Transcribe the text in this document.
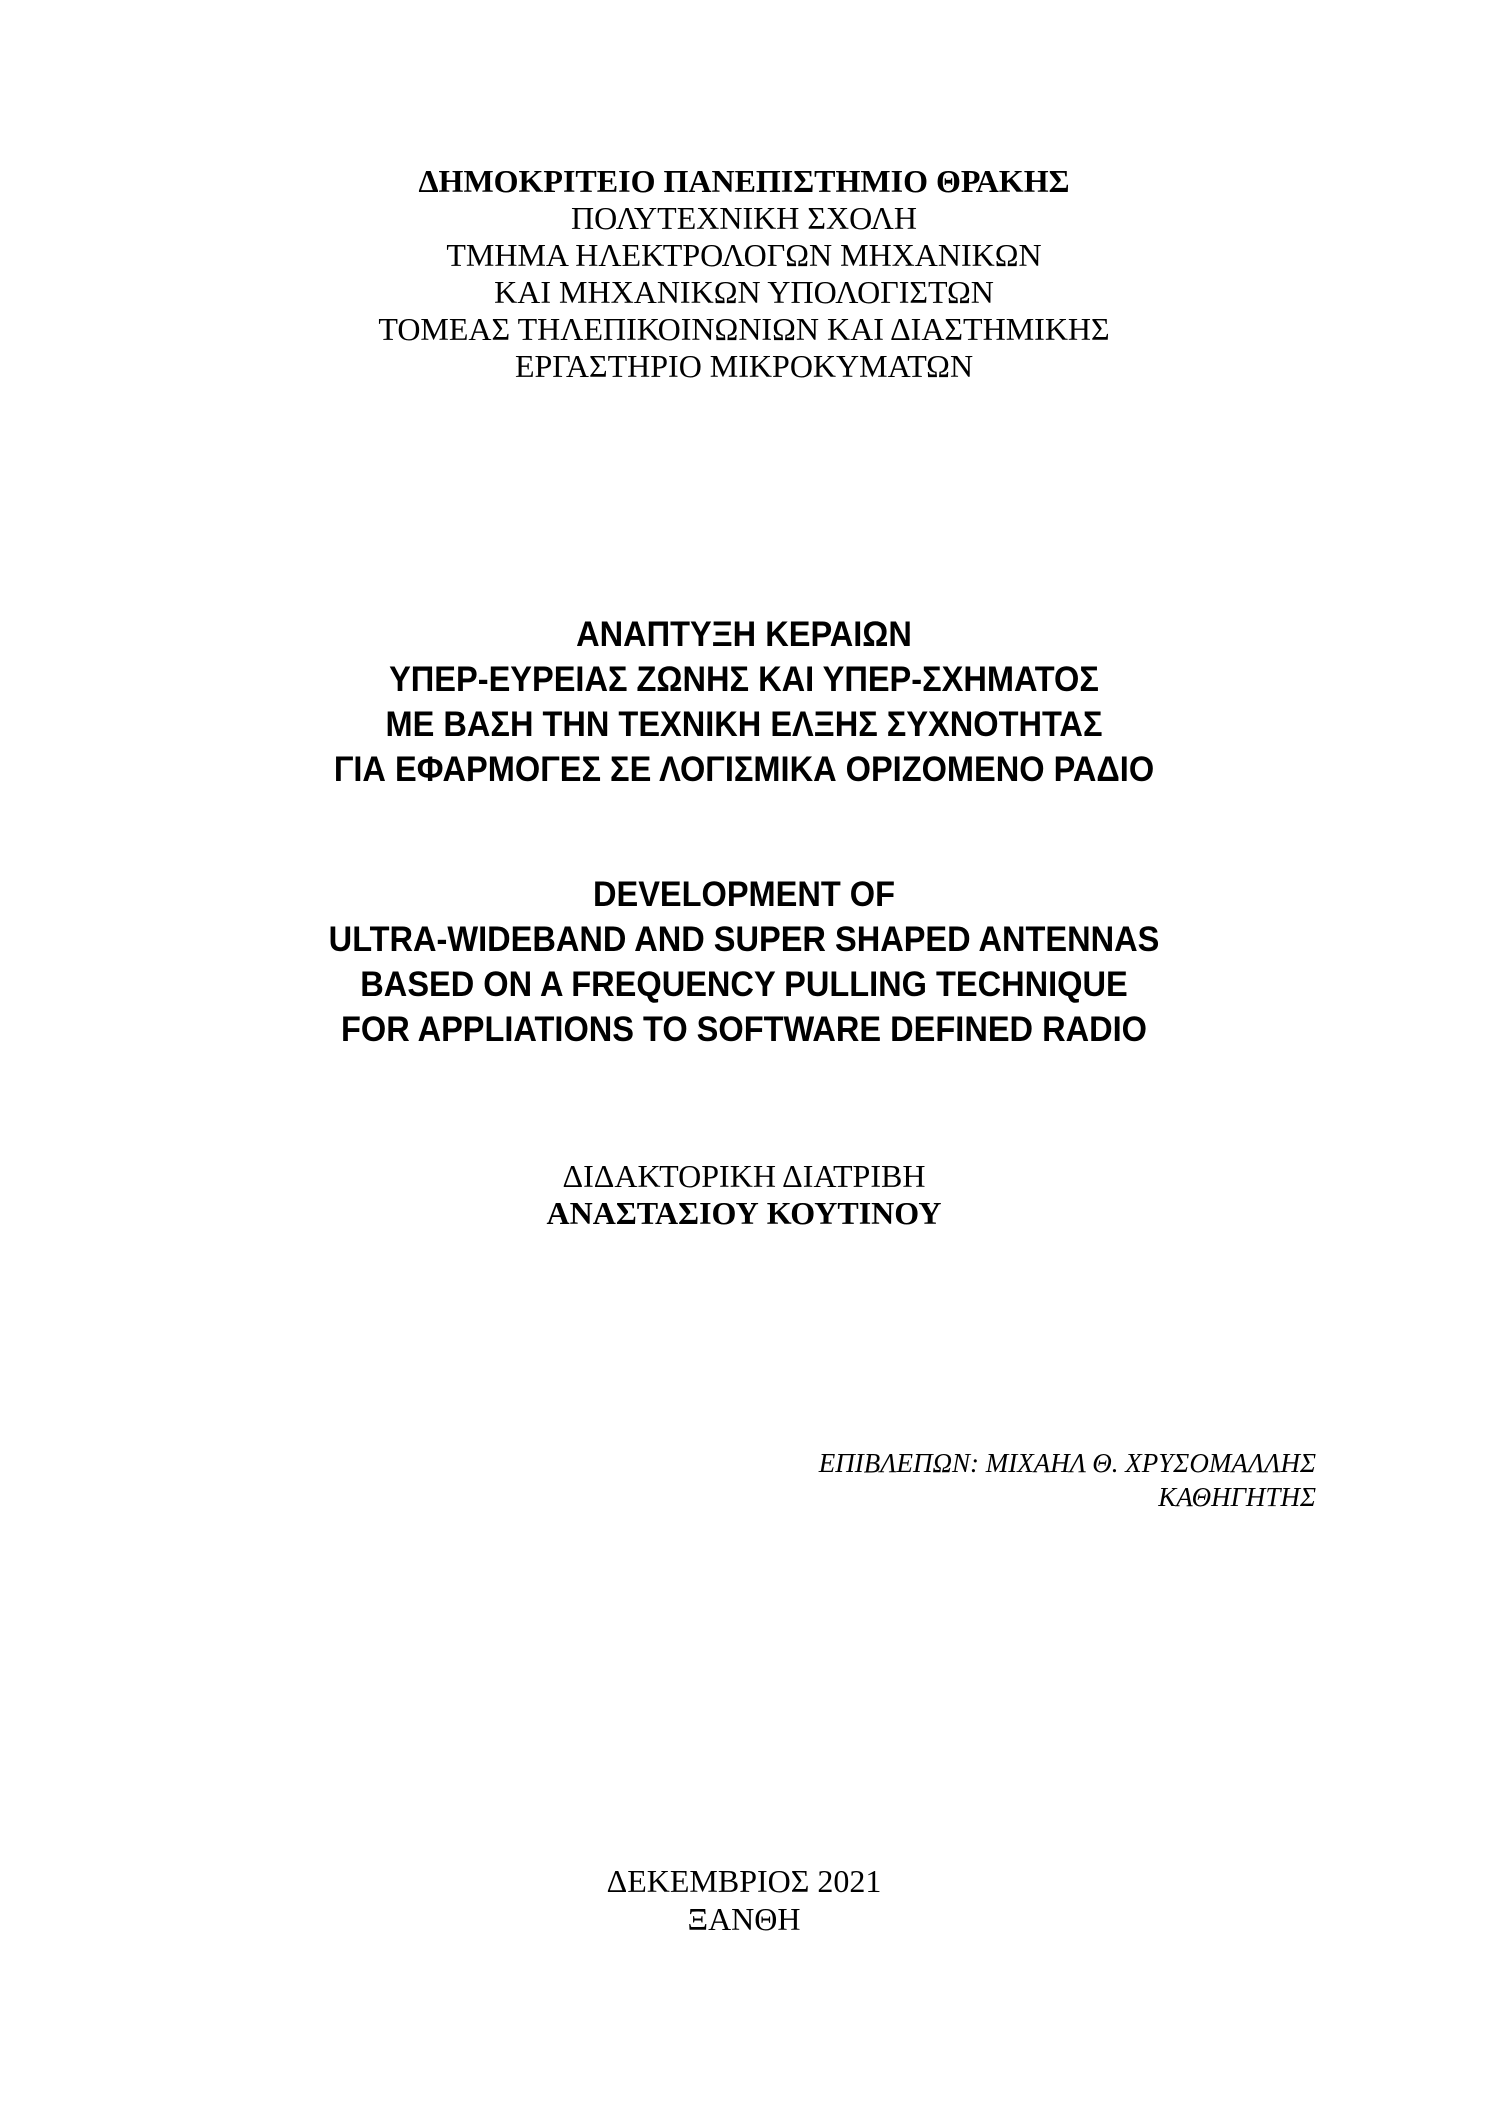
ΔΗΜΟΚΡΙΤΕΙΟ ΠΑΝΕΠΙΣΤΗΜΙΟ ΘΡΑΚΗΣ
ΠΟΛΥΤΕΧΝΙΚΗ ΣΧΟΛΗ
ΤΜΗΜΑ ΗΛΕΚΤΡΟΛΟΓΩΝ ΜΗΧΑΝΙΚΩΝ
ΚΑΙ ΜΗΧΑΝΙΚΩΝ ΥΠΟΛΟΓΙΣΤΩΝ
ΤΟΜΕΑΣ ΤΗΛΕΠΙΚΟΙΝΩΝΙΩΝ ΚΑΙ ΔΙΑΣΤΗΜΙΚΗΣ
ΕΡΓΑΣΤΗΡΙΟ ΜΙΚΡΟΚΥΜΑΤΩΝ
ΑΝΑΠΤΥΞΗ ΚΕΡΑΙΩΝ
ΥΠΕΡ-ΕΥΡΕΙΑΣ ΖΩΝΗΣ ΚΑΙ ΥΠΕΡ-ΣΧΗΜΑΤΟΣ
ΜΕ ΒΑΣΗ ΤΗΝ ΤΕΧΝΙΚΗ ΕΛΞΗΣ ΣΥΧΝΟΤΗΤΑΣ
ΓΙΑ ΕΦΑΡΜΟΓΕΣ ΣΕ ΛΟΓΙΣΜΙΚΑ ΟΡΙΖΟΜΕΝΟ ΡΑΔΙΟ
DEVELOPMENT OF
ULTRA-WIDEBAND AND SUPER SHAPED ANTENNAS
BASED ON A FREQUENCY PULLING TECHNIQUE
FOR APPLIATIONS TO SOFTWARE DEFINED RADIO
ΔΙΔΑΚΤΟΡΙΚΗ ΔΙΑΤΡΙΒΗ
ΑΝΑΣΤΑΣΙΟΥ ΚΟΥΤΙΝΟΥ
ΕΠΙΒΛΕΠΩΝ: ΜΙΧΑΗΛ Θ. ΧΡΥΣΟΜΑΛΛΗΣ
ΚΑΘΗΓΗΤΗΣ
ΔΕΚΕΜΒΡΙΟΣ 2021
ΞΑΝΘΗ
